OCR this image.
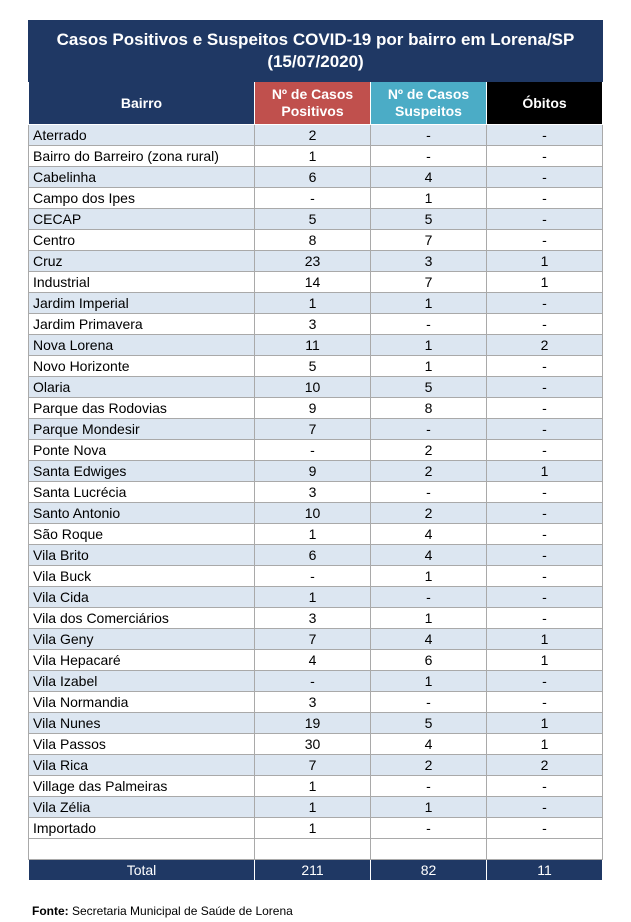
Casos Positivos e Suspeitos COVID-19 por bairro em Lorena/SP (15/07/2020)			
Bairro	Nº de Casos Positivos	Nº de Casos Suspeitos	Óbitos
Aterrado	2	-	-
Bairro do Barreiro (zona rural)	1	-	-
Cabelinha	6	4	-
Campo dos Ipes	-	1	-
CECAP	5	5	-
Centro	8	7	-
Cruz	23	3	1
Industrial	14	7	1
Jardim Imperial	1	1	-
Jardim Primavera	3	-	-
Nova Lorena	11	1	2
Novo Horizonte	5	1	-
Olaria	10	5	-
Parque das Rodovias	9	8	-
Parque Mondesir	7	-	-
Ponte Nova	-	2	-
Santa Edwiges	9	2	1
Santa Lucrécia	3	-	-
Santo Antonio	10	2	-
São Roque	1	4	-
Vila Brito	6	4	-
Vila Buck	-	1	-
Vila Cida	1	-	-
Vila dos Comerciários	3	1	-
Vila Geny	7	4	1
Vila Hepacaré	4	6	1
Vila Izabel	-	1	-
Vila Normandia	3	-	-
Vila Nunes	19	5	1
Vila Passos	30	4	1
Vila Rica	7	2	2
Village das Palmeiras	1	-	-
Vila Zélia	1	1	-
Importado	1	-	-

Total	211	82	11
Fonte: Secretaria Municipal de Saúde de Lorena
